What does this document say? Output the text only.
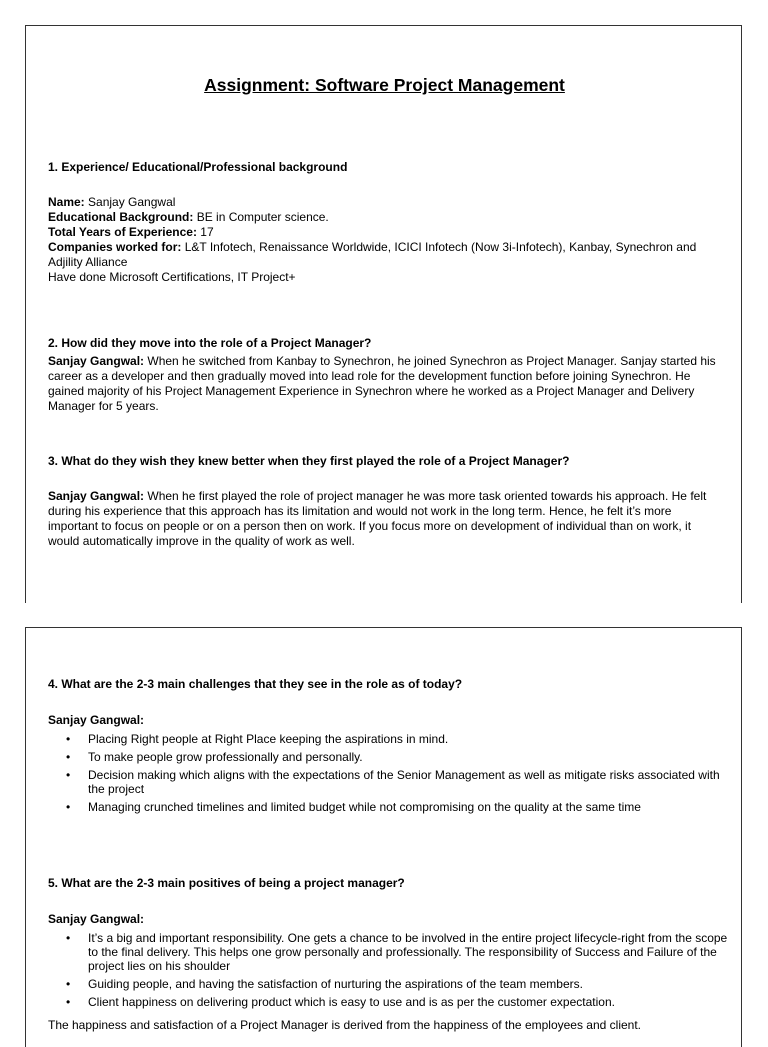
Assignment: Software Project Management
1. Experience/ Educational/Professional background
Name: Sanjay Gangwal
Educational Background: BE in Computer science.
Total Years of Experience: 17
Companies worked for: L&T Infotech, Renaissance Worldwide, ICICI Infotech (Now 3i-Infotech), Kanbay, Synechron and Adjility Alliance
Have done Microsoft Certifications, IT Project+
2. How did they move into the role of a Project Manager?
Sanjay Gangwal: When he switched from Kanbay to Synechron, he joined Synechron as Project Manager. Sanjay started his career as a developer and then gradually moved into lead role for the development function before joining Synechron. He gained majority of his Project Management Experience in Synechron where he worked as a Project Manager and Delivery Manager for 5 years.
3. What do they wish they knew better when they first played the role of a Project Manager?
Sanjay Gangwal: When he first played the role of project manager he was more task oriented towards his approach. He felt during his experience that this approach has its limitation and would not work in the long term. Hence, he felt it’s more important to focus on people or on a person then on work. If you focus more on development of individual than on work, it would automatically improve in the quality of work as well.
4. What are the 2-3 main challenges that they see in the role as of today?
Sanjay Gangwal:
• Placing Right people at Right Place keeping the aspirations in mind.
• To make people grow professionally and personally.
• Decision making which aligns with the expectations of the Senior Management as well as mitigate risks associated with the project
• Managing crunched timelines and limited budget while not compromising on the quality at the same time
5. What are the 2-3 main positives of being a project manager?
Sanjay Gangwal:
• It’s a big and important responsibility. One gets a chance to be involved in the entire project lifecycle-right from the scope to the final delivery. This helps one grow personally and professionally. The responsibility of Success and Failure of the project lies on his shoulder
• Guiding people, and having the satisfaction of nurturing the aspirations of the team members.
• Client happiness on delivering product which is easy to use and is as per the customer expectation.
The happiness and satisfaction of a Project Manager is derived from the happiness of the employees and client.
